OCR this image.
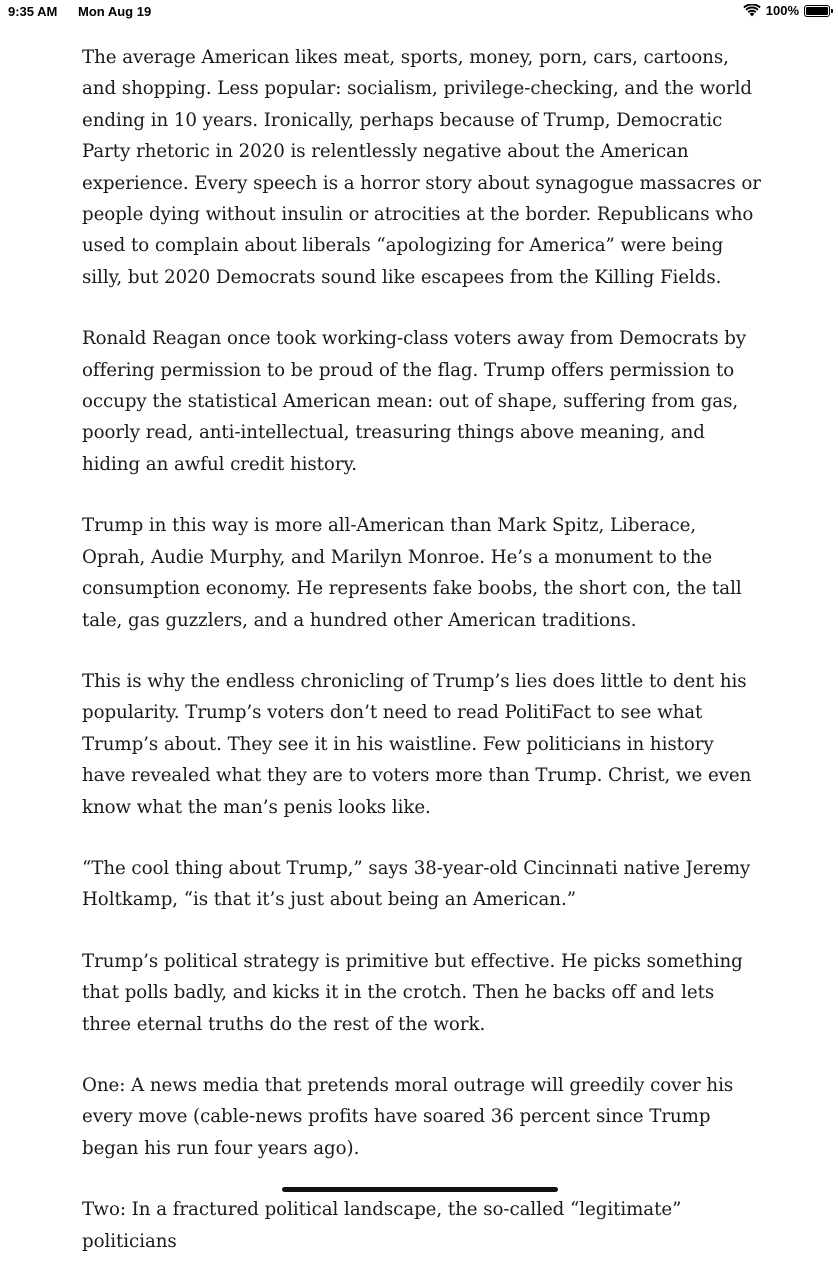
9:35 AM Mon Aug 19	100%

The average American likes meat, sports, money, porn, cars, cartoons, and shopping. Less popular: socialism, privilege-checking, and the world ending in 10 years. Ironically, perhaps because of Trump, Democratic Party rhetoric in 2020 is relentlessly negative about the American experience. Every speech is a horror story about synagogue massacres or people dying without insulin or atrocities at the border. Republicans who used to complain about liberals “apologizing for America” were being silly, but 2020 Democrats sound like escapees from the Killing Fields.

Ronald Reagan once took working-class voters away from Democrats by offering permission to be proud of the flag. Trump offers permission to occupy the statistical American mean: out of shape, suffering from gas, poorly read, anti-intellectual, treasuring things above meaning, and hiding an awful credit history.

Trump in this way is more all-American than Mark Spitz, Liberace, Oprah, Audie Murphy, and Marilyn Monroe. He’s a monument to the consumption economy. He represents fake boobs, the short con, the tall tale, gas guzzlers, and a hundred other American traditions.

This is why the endless chronicling of Trump’s lies does little to dent his popularity. Trump’s voters don’t need to read PolitiFact to see what Trump’s about. They see it in his waistline. Few politicians in history have revealed what they are to voters more than Trump. Christ, we even know what the man’s penis looks like.

“The cool thing about Trump,” says 38-year-old Cincinnati native Jeremy Holtkamp, “is that it’s just about being an American.”

Trump’s political strategy is primitive but effective. He picks something that polls badly, and kicks it in the crotch. Then he backs off and lets three eternal truths do the rest of the work.

One: A news media that pretends moral outrage will greedily cover his every move (cable-news profits have soared 36 percent since Trump began his run four years ago).

Two: In a fractured political landscape, the so-called “legitimate” politicians
